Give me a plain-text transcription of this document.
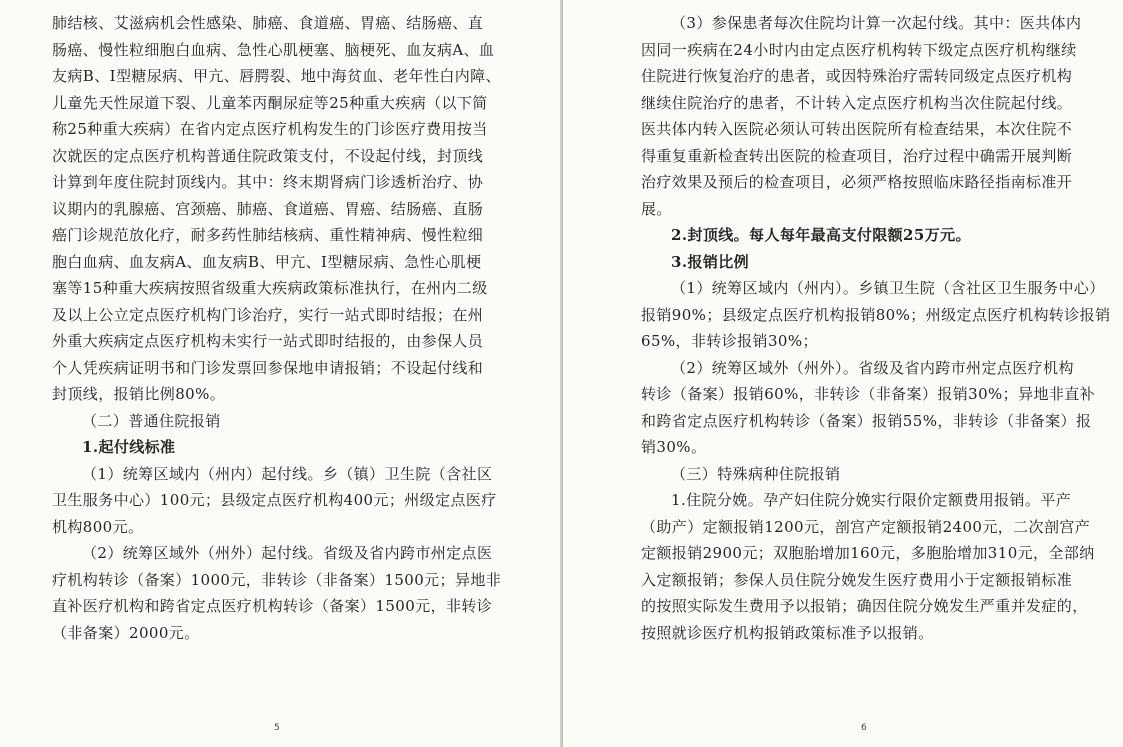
肺结核、艾滋病机会性感染、肺癌、食道癌、胃癌、结肠癌、直
肠癌、慢性粒细胞白血病、急性心肌梗塞、脑梗死、血友病A、血
友病B、Ⅰ型糖尿病、甲亢、唇腭裂、地中海贫血、老年性白内障、
儿童先天性尿道下裂、儿童苯丙酮尿症等25种重大疾病（以下简
称25种重大疾病）在省内定点医疗机构发生的门诊医疗费用按当
次就医的定点医疗机构普通住院政策支付，不设起付线，封顶线
计算到年度住院封顶线内。其中：终末期肾病门诊透析治疗、协
议期内的乳腺癌、宫颈癌、肺癌、食道癌、胃癌、结肠癌、直肠
癌门诊规范放化疗，耐多药性肺结核病、重性精神病、慢性粒细
胞白血病、血友病A、血友病B、甲亢、Ⅰ型糖尿病、急性心肌梗
塞等15种重大疾病按照省级重大疾病政策标准执行，在州内二级
及以上公立定点医疗机构门诊治疗，实行一站式即时结报；在州
外重大疾病定点医疗机构未实行一站式即时结报的，由参保人员
个人凭疾病证明书和门诊发票回参保地申请报销；不设起付线和
封顶线，报销比例80%。
（二）普通住院报销
1.起付线标准
（1）统筹区域内（州内）起付线。乡（镇）卫生院（含社区
卫生服务中心）100元；县级定点医疗机构400元；州级定点医疗
机构800元。
（2）统筹区域外（州外）起付线。省级及省内跨市州定点医
疗机构转诊（备案）1000元，非转诊（非备案）1500元；异地非
直补医疗机构和跨省定点医疗机构转诊（备案）1500元，非转诊
（非备案）2000元。
5
（3）参保患者每次住院均计算一次起付线。其中：医共体内
因同一疾病在24小时内由定点医疗机构转下级定点医疗机构继续
住院进行恢复治疗的患者，或因特殊治疗需转同级定点医疗机构
继续住院治疗的患者，不计转入定点医疗机构当次住院起付线。
医共体内转入医院必须认可转出医院所有检查结果，本次住院不
得重复重新检查转出医院的检查项目，治疗过程中确需开展判断
治疗效果及预后的检查项目，必须严格按照临床路径指南标准开
展。
2.封顶线。每人每年最高支付限额25万元。
3.报销比例
（1）统筹区域内（州内）。乡镇卫生院（含社区卫生服务中心）
报销90%；县级定点医疗机构报销80%；州级定点医疗机构转诊报销
65%，非转诊报销30%；
（2）统筹区域外（州外）。省级及省内跨市州定点医疗机构
转诊（备案）报销60%，非转诊（非备案）报销30%；异地非直补
和跨省定点医疗机构转诊（备案）报销55%，非转诊（非备案）报
销30%。
（三）特殊病种住院报销
1.住院分娩。孕产妇住院分娩实行限价定额费用报销。平产
（助产）定额报销1200元，剖宫产定额报销2400元，二次剖宫产
定额报销2900元；双胞胎增加160元，多胞胎增加310元，全部纳
入定额报销；参保人员住院分娩发生医疗费用小于定额报销标准
的按照实际发生费用予以报销；确因住院分娩发生严重并发症的，
按照就诊医疗机构报销政策标准予以报销。
6
